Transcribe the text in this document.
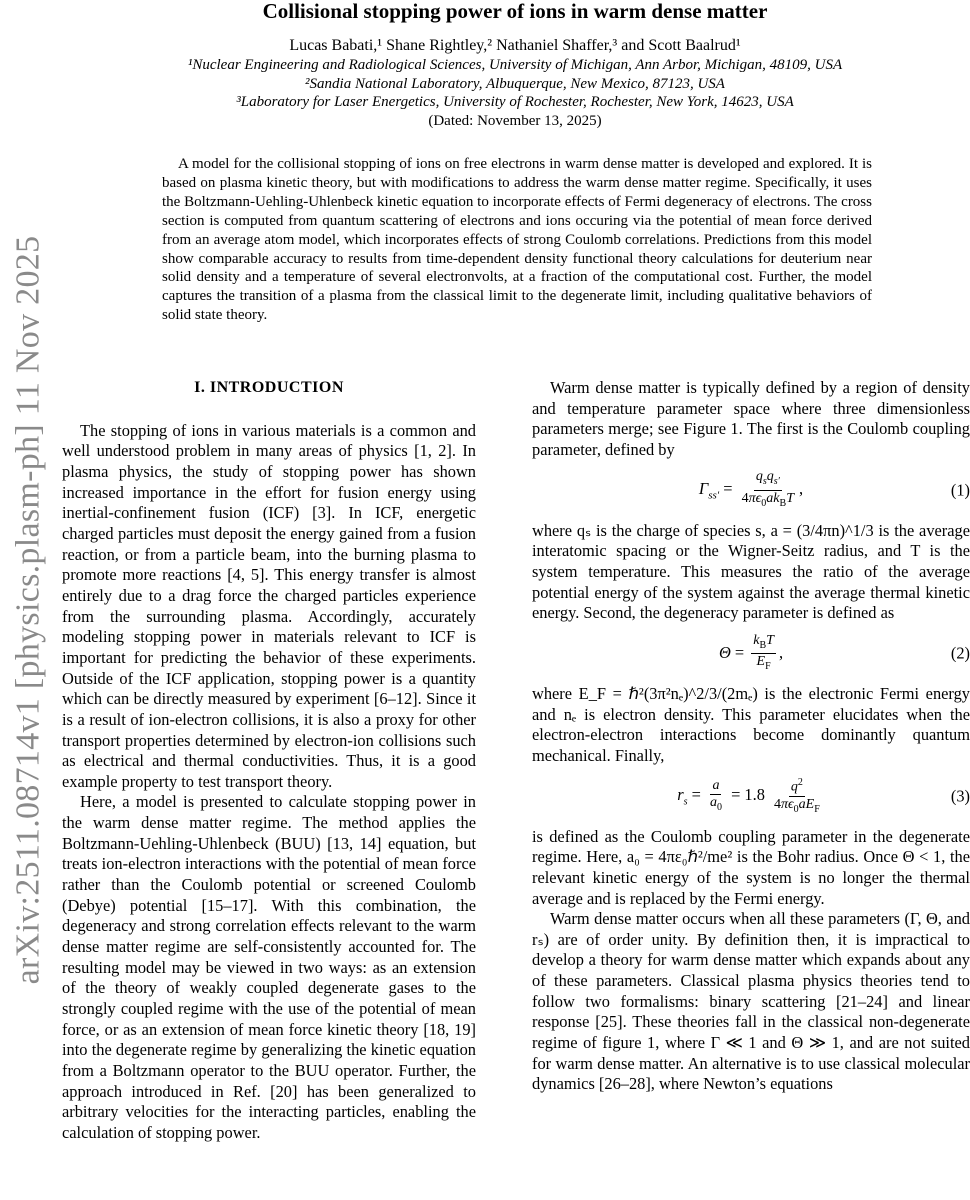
arXiv:2511.08714v1 [physics.plasm-ph] 11 Nov 2025
Collisional stopping power of ions in warm dense matter
Lucas Babati,¹ Shane Rightley,² Nathaniel Shaffer,³ and Scott Baalrud¹
¹Nuclear Engineering and Radiological Sciences, University of Michigan, Ann Arbor, Michigan, 48109, USA
²Sandia National Laboratory, Albuquerque, New Mexico, 87123, USA
³Laboratory for Laser Energetics, University of Rochester, Rochester, New York, 14623, USA
(Dated: November 13, 2025)

A model for the collisional stopping of ions on free electrons in warm dense matter is developed and explored. It is based on plasma kinetic theory, but with modifications to address the warm dense matter regime. Specifically, it uses the Boltzmann-Uehling-Uhlenbeck kinetic equation to incorporate effects of Fermi degeneracy of electrons. The cross section is computed from quantum scattering of electrons and ions occuring via the potential of mean force derived from an average atom model, which incorporates effects of strong Coulomb correlations. Predictions from this model show comparable accuracy to results from time-dependent density functional theory calculations for deuterium near solid density and a temperature of several electronvolts, at a fraction of the computational cost. Further, the model captures the transition of a plasma from the classical limit to the degenerate limit, including qualitative behaviors of solid state theory.

I. INTRODUCTION

The stopping of ions in various materials is a common and well understood problem in many areas of physics [1, 2]. In plasma physics, the study of stopping power has shown increased importance in the effort for fusion energy using inertial-confinement fusion (ICF) [3]. In ICF, energetic charged particles must deposit the energy gained from a fusion reaction, or from a particle beam, into the burning plasma to promote more reactions [4, 5]. This energy transfer is almost entirely due to a drag force the charged particles experience from the surrounding plasma. Accordingly, accurately modeling stopping power in materials relevant to ICF is important for predicting the behavior of these experiments. Outside of the ICF application, stopping power is a quantity which can be directly measured by experiment [6–12]. Since it is a result of ion-electron collisions, it is also a proxy for other transport properties determined by electron-ion collisions such as electrical and thermal conductivities. Thus, it is a good example property to test transport theory.

Here, a model is presented to calculate stopping power in the warm dense matter regime. The method applies the Boltzmann-Uehling-Uhlenbeck (BUU) [13, 14] equation, but treats ion-electron interactions with the potential of mean force rather than the Coulomb potential or screened Coulomb (Debye) potential [15–17]. With this combination, the degeneracy and strong correlation effects relevant to the warm dense matter regime are self-consistently accounted for. The resulting model may be viewed in two ways: as an extension of the theory of weakly coupled degenerate gases to the strongly coupled regime with the use of the potential of mean force, or as an extension of mean force kinetic theory [18, 19] into the degenerate regime by generalizing the kinetic equation from a Boltzmann operator to the BUU operator. Further, the approach introduced in Ref. [20] has been generalized to arbitrary velocities for the interacting particles, enabling the calculation of stopping power.

Warm dense matter is typically defined by a region of density and temperature parameter space where three dimensionless parameters merge; see Figure 1. The first is the Coulomb coupling parameter, defined by

$\Gamma_{ss'} = \frac{q_sq_{s'}}{4\pi\epsilon_0ak_BT}$ ,	(1)

where qₛ is the charge of species s, a = (3/4πn)^1/3 is the average interatomic spacing or the Wigner-Seitz radius, and T is the system temperature. This measures the ratio of the average potential energy of the system against the average thermal kinetic energy. Second, the degeneracy parameter is defined as

$\Theta = \frac{k_BT}{E_F}$ ,	(2)

where E_F = ℏ²(3π²nₑ)^2/3/(2mₑ) is the electronic Fermi energy and nₑ is electron density. This parameter elucidates when the electron-electron interactions become dominantly quantum mechanical. Finally,

$r_s = \frac{a}{a_0} = 1.8 \frac{q^2}{4\pi\epsilon_0aE_F}$	(3)

is defined as the Coulomb coupling parameter in the degenerate regime. Here, a₀ = 4πε₀ℏ²/me² is the Bohr radius. Once Θ < 1, the relevant kinetic energy of the system is no longer the thermal average and is replaced by the Fermi energy.

Warm dense matter occurs when all these parameters (Γ, Θ, and rₛ) are of order unity. By definition then, it is impractical to develop a theory for warm dense matter which expands about any of these parameters. Classical plasma physics theories tend to follow two formalisms: binary scattering [21–24] and linear response [25]. These theories fall in the classical non-degenerate regime of figure 1, where Γ ≪ 1 and Θ ≫ 1, and are not suited for warm dense matter. An alternative is to use classical molecular dynamics [26–28], where Newton’s equations
